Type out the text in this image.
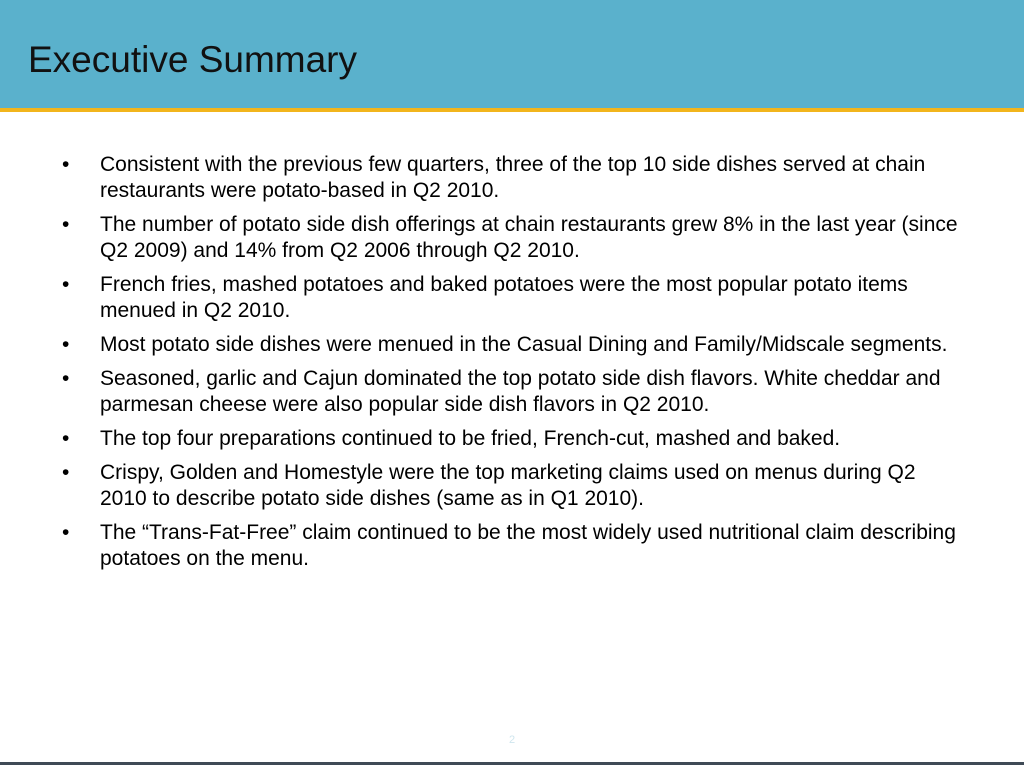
Executive Summary
•	Consistent with the previous few quarters, three of the top 10 side dishes served at chain restaurants were potato-based in Q2 2010.
•	The number of potato side dish offerings at chain restaurants grew 8% in the last year (since Q2 2009) and 14% from Q2 2006 through Q2 2010.
•	French fries, mashed potatoes and baked potatoes were the most popular potato items menued in Q2 2010.
•	Most potato side dishes were menued in the Casual Dining and Family/Midscale segments.
•	Seasoned, garlic and Cajun dominated the top potato side dish flavors. White cheddar and parmesan cheese were also popular side dish flavors in Q2 2010.
•	The top four preparations continued to be fried, French-cut, mashed and baked.
•	Crispy, Golden and Homestyle were the top marketing claims used on menus during Q2 2010 to describe potato side dishes (same as in Q1 2010).
•	The “Trans-Fat-Free” claim continued to be the most widely used nutritional claim describing potatoes on the menu.
2
